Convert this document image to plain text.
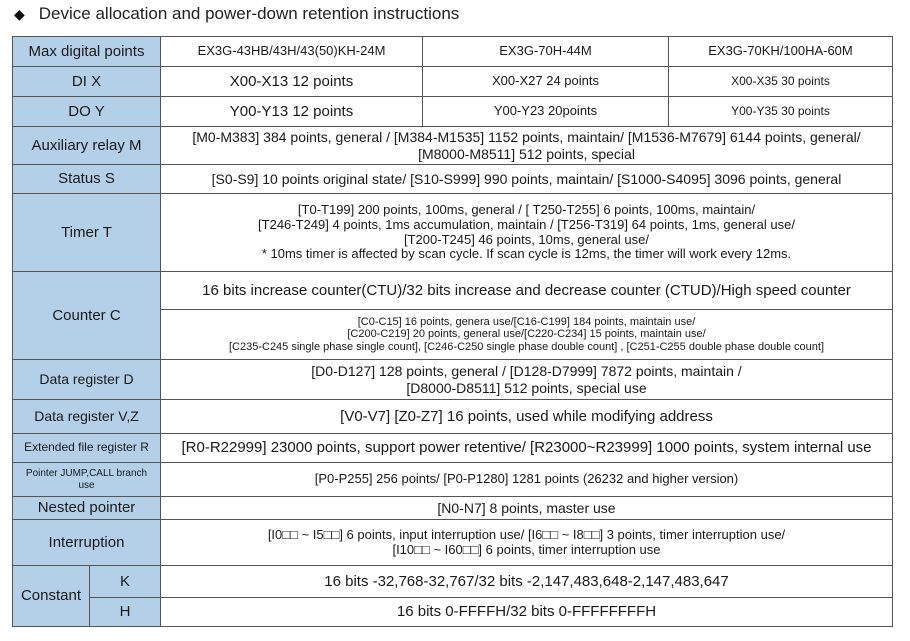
◆ Device allocation and power-down retention instructions
Max digital points		EX3G-43HB/43H/43(50)KH-24M	EX3G-70H-44M	EX3G-70KH/100HA-60M
DI X		X00-X13 12 points	X00-X27 24 points	X00-X35 30 points
DO Y		Y00-Y13 12 points	Y00-Y23 20points	Y00-Y35 30 points
Auxiliary relay M		[M0-M383] 384 points, general / [M384-M1535] 1152 points, maintain/ [M1536-M7679] 6144 points, general/
[M8000-M8511] 512 points, special		

Status S		[S0-S9] 10 points original state/ [S10-S999] 990 points, maintain/ [S1000-S4095] 3096 points, general		

Timer T		[T0-T199] 200 points, 100ms, general / [ T250-T255] 6 points, 100ms, maintain/
[T246-T249] 4 points, 1ms accumulation, maintain / [T256-T319] 64 points, 1ms, general use/
[T200-T245] 46 points, 10ms, general use/
* 10ms timer is affected by scan cycle. If scan cycle is 12ms, the timer will work every 12ms.		

Counter C		16 bits increase counter(CTU)/32 bits increase and decrease counter (CTUD)/High speed counter		

		[C0-C15] 16 points, genera use/[C16-C199] 184 points, maintain use/
[C200-C219] 20 points, general use/[C220-C234] 15 points, maintain use/
[C235-C245 single phase single count], [C246-C250 single phase double count] , [C251-C255 double phase double count]		

Data register D		[D0-D127] 128 points, general / [D128-D7999] 7872 points, maintain /
[D8000-D8511] 512 points, special use		

Data register V,Z		[V0-V7] [Z0-Z7] 16 points, used while modifying address		

Extended file register R		[R0-R22999] 23000 points, support power retentive/ [R23000~R23999] 1000 points, system internal use		

Pointer JUMP,CALL branch use		[P0-P255] 256 points/ [P0-P1280] 1281 points (26232 and higher version)		

Nested pointer		[N0-N7] 8 points, master use		

Interruption		[I0□□ ~ I5□□] 6 points, input interruption use/ [I6□□ ~ I8□□] 3 points, timer interruption use/
[I10□□ ~ I60□□] 6 points, timer interruption use		

Constant	K	16 bits -32,768-32,767/32 bits -2,147,483,648-2,147,483,647		
	H	16 bits 0-FFFFH/32 bits 0-FFFFFFFFH		
